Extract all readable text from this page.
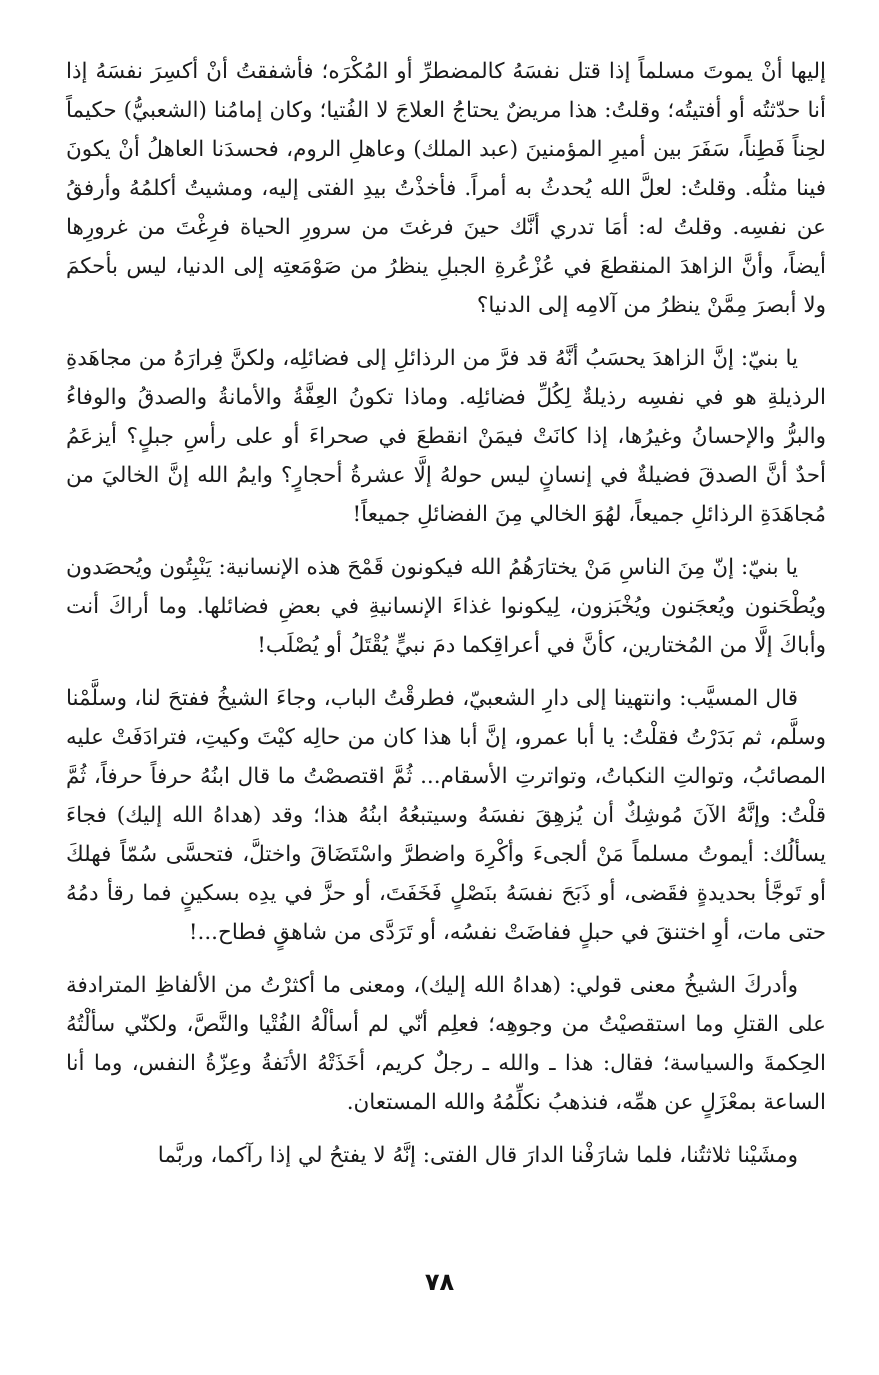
إليها أنْ يموتَ مسلماً إذا قتل نفسَهُ كالمضطرِّ أو المُكْرَه؛ فأشفقتُ أنْ أكسِرَ نفسَهُ إذا أنا حدّثتُه أو أفتيتُه؛ وقلتُ: هذا مريضٌ يحتاجُ العلاجَ لا الفُتيا؛ وكان إمامُنا (الشعبيُّ) حكيماً لحِناً فَطِناً، سَفَرَ بين أميرِ المؤمنينَ (عبد الملك) وعاهلِ الروم، فحسدَنا العاهلُ أنْ يكونَ فينا مثلُه. وقلتُ: لعلَّ الله يُحدثُ به أمراً. فأخذْتُ بيدِ الفتى إليه، ومشيتُ أكلمُهُ وأرفقُ عن نفسِه. وقلتُ له: أمَا تدري أنَّك حينَ فرغتَ من سرورِ الحياة فرِغْتَ من غرورِها أيضاً، وأنَّ الزاهدَ المنقطعَ في عُزْعُرةِ الجبلِ ينظرُ من صَوْمَعتِه إلى الدنيا، ليس بأحكمَ ولا أبصرَ مِمَّنْ ينظرُ من آلامِه إلى الدنيا؟

يا بنيّ: إنَّ الزاهدَ يحسَبُ أنَّهُ قد فرَّ من الرذائلِ إلى فضائلِه، ولكنَّ فِرارَهُ من مجاهَدةِ الرذيلةِ هو في نفسِه رذيلةٌ لِكُلِّ فضائلِه. وماذا تكونُ العِفَّةُ والأمانةُ والصدقُ والوفاءُ والبرُّ والإحسانُ وغيرُها، إذا كانَتْ فيمَنْ انقطعَ في صحراءَ أو على رأسِ جبلٍ؟ أيزعَمُ أحدٌ أنَّ الصدقَ فضيلةٌ في إنسانٍ ليس حولهُ إلَّا عشرةُ أحجارٍ؟ وايمُ الله إنَّ الخاليَ من مُجاهَدَةِ الرذائلِ جميعاً، لهُوَ الخالي مِنَ الفضائلِ جميعاً!

يا بنيّ: إنّ مِنَ الناسِ مَنْ يختارَهُمُ الله فيكونون قَمْحَ هذه الإنسانية: يَنْبِتُون ويُحصَدون ويُطْحَنون ويُعجَنون ويُخْبَزون، لِيكونوا غذاءَ الإنسانيةِ في بعضِ فضائلها. وما أراكَ أنت وأباكَ إلَّا من المُختارين، كأنَّ في أعراقِكما دمَ نبيٍّ يُقْتَلُ أو يُصْلَب!

قال المسيَّب: وانتهينا إلى دارِ الشعبيّ، فطرقْتُ الباب، وجاءَ الشيخُ ففتحَ لنا، وسلَّمْنا وسلَّم، ثم بَدَرْتُ فقلْتُ: يا أبا عمرو، إنَّ أبا هذا كان من حالِه كيْتَ وكيتِ، فترادَفَتْ عليه المصائبُ، وتوالتِ النكباتُ، وتواترتِ الأسقام... ثُمَّ اقتصصْتُ ما قال ابنُهُ حرفاً حرفاً، ثُمَّ قلْتُ: وإنَّهُ الآنَ مُوشِكٌ أن يُزهِقَ نفسَهُ وسيتبعُهُ ابنُهُ هذا؛ وقد (هداهُ الله إليك) فجاءَ يسألُك: أيموتُ مسلماً مَنْ ألجىءَ وأكْرِهَ واضطرَّ واسْتَضَاقَ واختلَّ، فتحسَّى سُمّاً فهلكَ أو تَوجَّأ بحديدةٍ فقَضى، أو ذَبَحَ نفسَهُ بنَصْلٍ فَخَفَتَ، أو حزَّ في يدِه بسكينٍ فما رقأ دمُهُ حتى مات، أوِ اختنقَ في حبلٍ ففاضَتْ نفسُه، أو تَرَدَّى من شاهقٍ فطاح...!

وأدركَ الشيخُ معنى قولي: (هداهُ الله إليك)، ومعنى ما أكثرْتُ من الألفاظِ المترادفة على القتلِ وما استقصيْتُ من وجوهِه؛ فعلِم أنّي لم أسألْهُ الفُتْيا والنَّصَّ، ولكنّي سألْتُهُ الحِكمةَ والسياسة؛ فقال: هذا ـ والله ـ رجلٌ كريم، أخَذَتْهُ الأنَفةُ وعِزّةُ النفس، وما أنا الساعة بمعْزَلٍ عن همِّه، فنذهبُ نكلِّمُهُ والله المستعان.

ومشَيْنا ثلاثتُنا، فلما شارَفْنا الدارَ قال الفتى: إنَّهُ لا يفتحُ لي إذا رآكما، وربَّما

٧٨
